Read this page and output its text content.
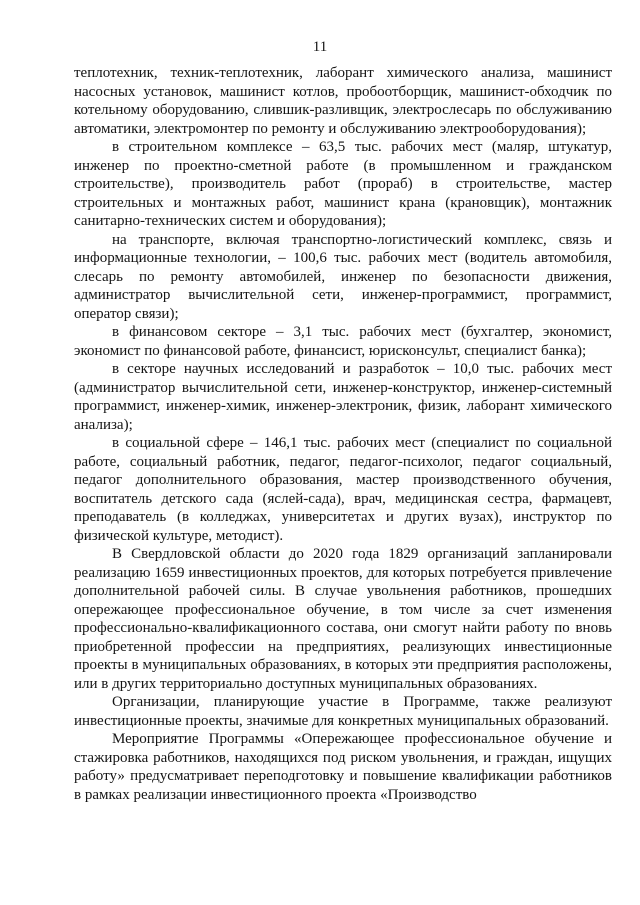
11

теплотехник, техник-теплотехник, лаборант химического анализа, машинист насосных установок, машинист котлов, пробоотборщик, машинист-обходчик по котельному оборудованию, слившик-разливщик, электрослесарь по обслуживанию автоматики, электромонтер по ремонту и обслуживанию электрооборудования);

в строительном комплексе – 63,5 тыс. рабочих мест (маляр, штукатур, инженер по проектно-сметной работе (в промышленном и гражданском строительстве), производитель работ (прораб) в строительстве, мастер строительных и монтажных работ, машинист крана (крановщик), монтажник санитарно-технических систем и оборудования);

на транспорте, включая транспортно-логистический комплекс, связь и информационные технологии, – 100,6 тыс. рабочих мест (водитель автомобиля, слесарь по ремонту автомобилей, инженер по безопасности движения, администратор вычислительной сети, инженер-программист, программист, оператор связи);

в финансовом секторе – 3,1 тыс. рабочих мест (бухгалтер, экономист, экономист по финансовой работе, финансист, юрисконсульт, специалист банка);

в секторе научных исследований и разработок – 10,0 тыс. рабочих мест (администратор вычислительной сети, инженер-конструктор, инженер-системный программист, инженер-химик, инженер-электроник, физик, лаборант химического анализа);

в социальной сфере – 146,1 тыс. рабочих мест (специалист по социальной работе, социальный работник, педагог, педагог-психолог, педагог социальный, педагог дополнительного образования, мастер производственного обучения, воспитатель детского сада (яслей-сада), врач, медицинская сестра, фармацевт, преподаватель (в колледжах, университетах и других вузах), инструктор по физической культуре, методист).

В Свердловской области до 2020 года 1829 организаций запланировали реализацию 1659 инвестиционных проектов, для которых потребуется привлечение дополнительной рабочей силы. В случае увольнения работников, прошедших опережающее профессиональное обучение, в том числе за счет изменения профессионально-квалификационного состава, они смогут найти работу по вновь приобретенной профессии на предприятиях, реализующих инвестиционные проекты в муниципальных образованиях, в которых эти предприятия расположены, или в других территориально доступных муниципальных образованиях.

Организации, планирующие участие в Программе, также реализуют инвестиционные проекты, значимые для конкретных муниципальных образований.

Мероприятие Программы «Опережающее профессиональное обучение и стажировка работников, находящихся под риском увольнения, и граждан, ищущих работу» предусматривает переподготовку и повышение квалификации работников в рамках реализации инвестиционного проекта «Производство
